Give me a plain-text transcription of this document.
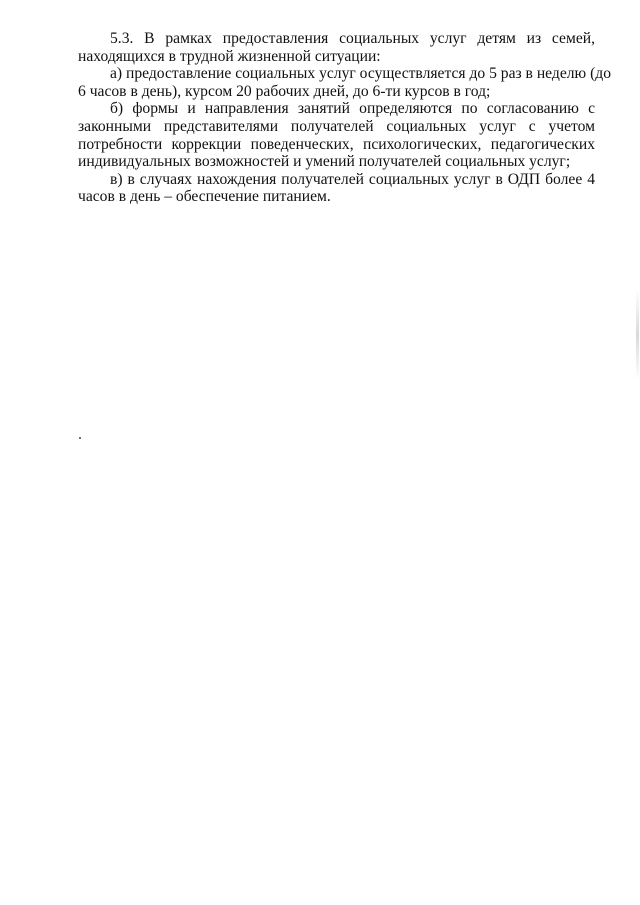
5.3. В рамках предоставления социальных услуг детям из семей,
находящихся в трудной жизненной ситуации:
а) предоставление социальных услуг осуществляется до 5 раз в неделю (до
6 часов в день), курсом 20 рабочих дней, до 6-ти курсов в год;
б) формы и направления занятий определяются по согласованию с
законными представителями получателей социальных услуг с учетом
потребности коррекции поведенческих, психологических, педагогических
индивидуальных возможностей и умений получателей социальных услуг;
в) в случаях нахождения получателей социальных услуг в ОДП более 4
часов в день – обеспечение питанием.
